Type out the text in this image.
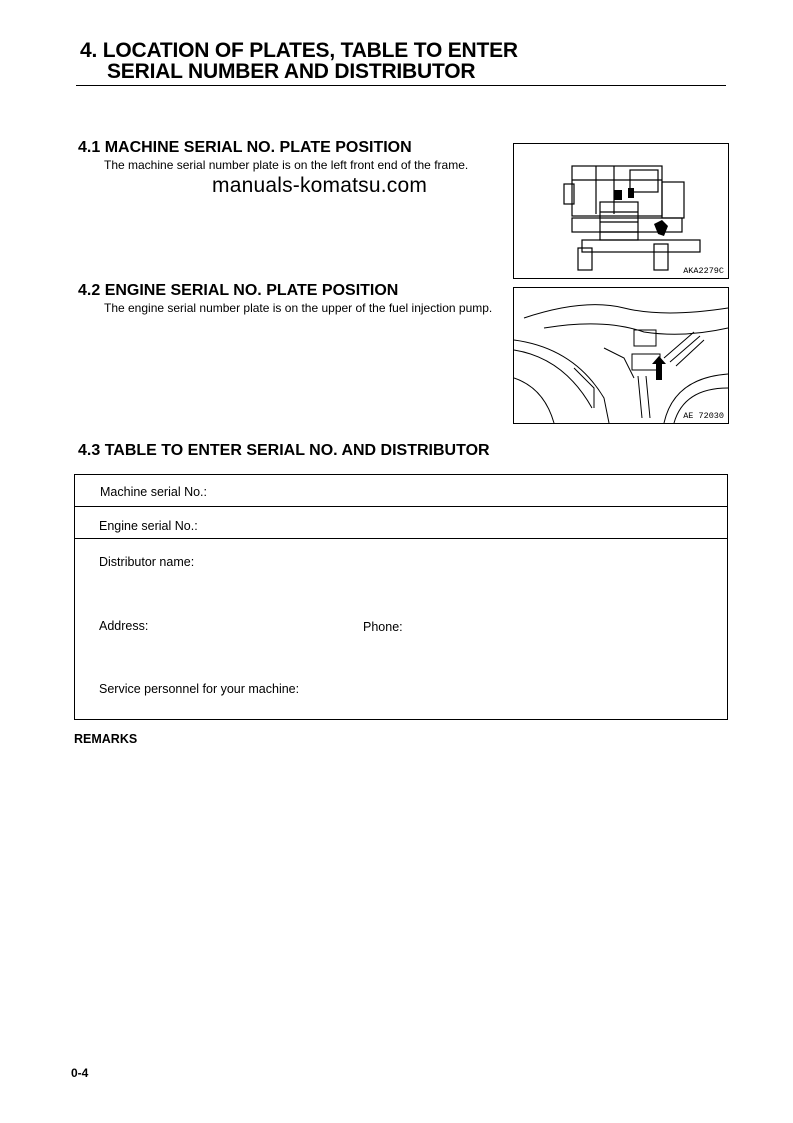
4. LOCATION OF PLATES, TABLE TO ENTER
SERIAL NUMBER AND DISTRIBUTOR
4.1 MACHINE SERIAL NO. PLATE POSITION
The machine serial number plate is on the left front end of the frame.
manuals-komatsu.com
AKA2279C
4.2 ENGINE SERIAL NO. PLATE POSITION
The engine serial number plate is on the upper of the fuel injection pump.
AE 72030
4.3 TABLE TO ENTER SERIAL NO. AND DISTRIBUTOR
Machine serial No.:
Engine serial No.:
Distributor name:
Address:	Phone:
Service personnel for your machine:
REMARKS
0-4
